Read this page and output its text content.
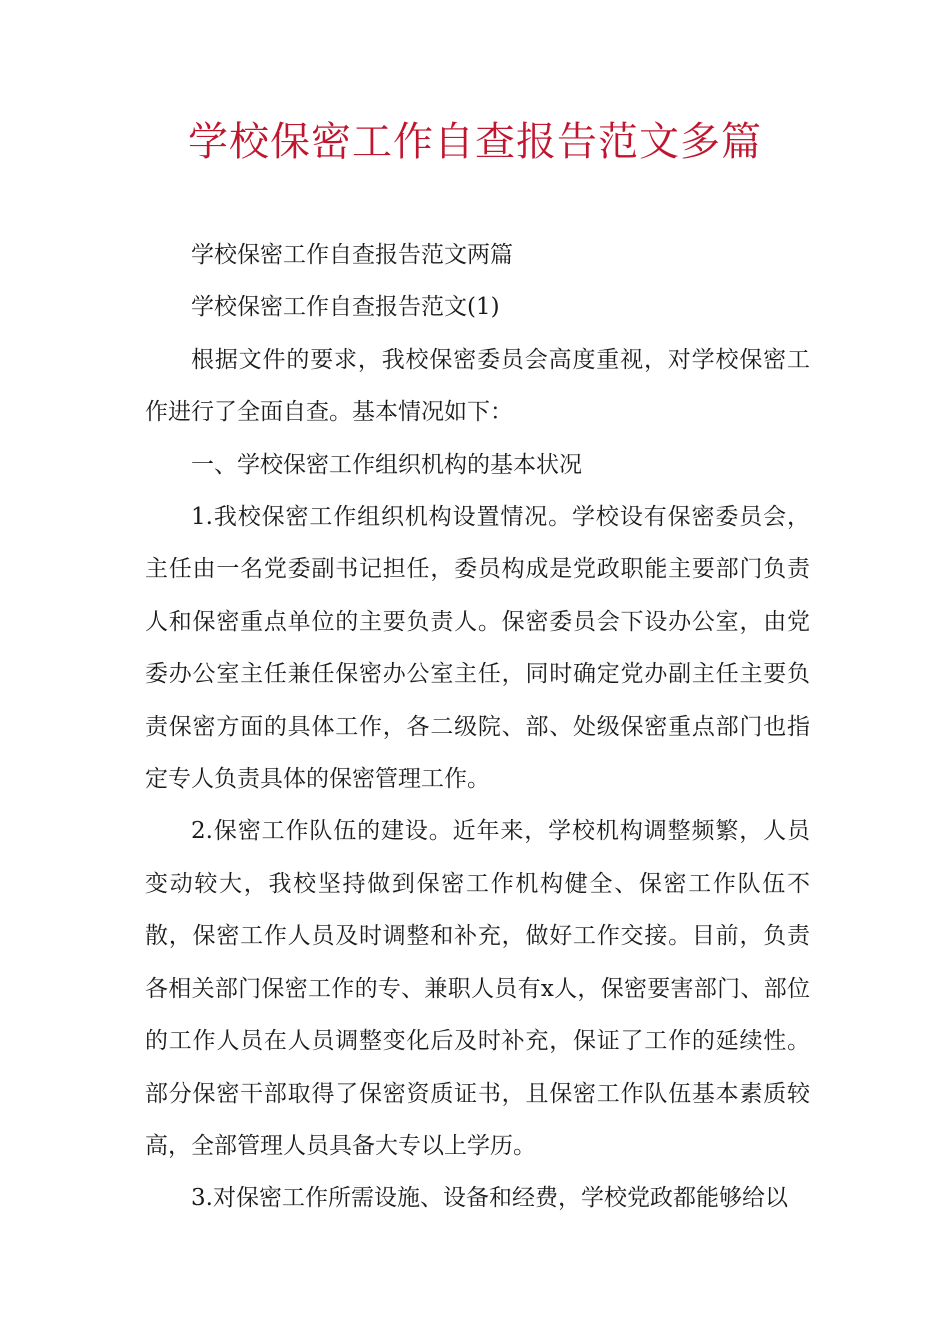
学校保密工作自查报告范文多篇

学校保密工作自查报告范文两篇

学校保密工作自查报告范文(1)

根据文件的要求，我校保密委员会高度重视，对学校保密工作进行了全面自查。基本情况如下：

一、学校保密工作组织机构的基本状况

1.我校保密工作组织机构设置情况。学校设有保密委员会，主任由一名党委副书记担任，委员构成是党政职能主要部门负责人和保密重点单位的主要负责人。保密委员会下设办公室，由党委办公室主任兼任保密办公室主任，同时确定党办副主任主要负责保密方面的具体工作，各二级院、部、处级保密重点部门也指定专人负责具体的保密管理工作。

2.保密工作队伍的建设。近年来，学校机构调整频繁，人员变动较大，我校坚持做到保密工作机构健全、保密工作队伍不散，保密工作人员及时调整和补充，做好工作交接。目前，负责各相关部门保密工作的专、兼职人员有x人，保密要害部门、部位的工作人员在人员调整变化后及时补充，保证了工作的延续性。部分保密干部取得了保密资质证书，且保密工作队伍基本素质较高，全部管理人员具备大专以上学历。

3.对保密工作所需设施、设备和经费，学校党政都能够给以
